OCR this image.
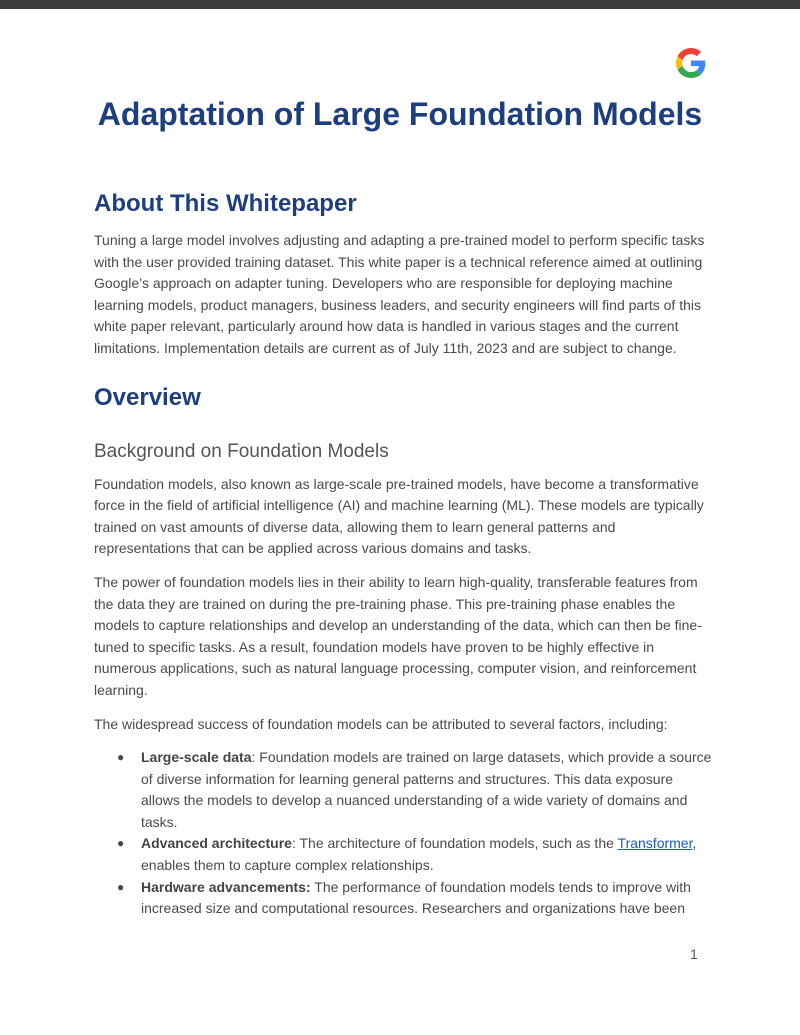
Adaptation of Large Foundation Models
About This Whitepaper

Tuning a large model involves adjusting and adapting a pre-trained model to perform specific tasks with the user provided training dataset. This white paper is a technical reference aimed at outlining Google’s approach on adapter tuning. Developers who are responsible for deploying machine learning models, product managers, business leaders, and security engineers will find parts of this white paper relevant, particularly around how data is handled in various stages and the current limitations. Implementation details are current as of July 11th, 2023 and are subject to change.

Overview
Background on Foundation Models

Foundation models, also known as large-scale pre-trained models, have become a transformative force in the field of artificial intelligence (AI) and machine learning (ML). These models are typically trained on vast amounts of diverse data, allowing them to learn general patterns and representations that can be applied across various domains and tasks.

The power of foundation models lies in their ability to learn high-quality, transferable features from the data they are trained on during the pre-training phase. This pre-training phase enables the models to capture relationships and develop an understanding of the data, which can then be fine-tuned to specific tasks. As a result, foundation models have proven to be highly effective in numerous applications, such as natural language processing, computer vision, and reinforcement learning.

The widespread success of foundation models can be attributed to several factors, including:

● Large-scale data: Foundation models are trained on large datasets, which provide a source of diverse information for learning general patterns and structures. This data exposure allows the models to develop a nuanced understanding of a wide variety of domains and tasks.
● Advanced architecture: The architecture of foundation models, such as the Transformer, enables them to capture complex relationships.
● Hardware advancements: The performance of foundation models tends to improve with increased size and computational resources. Researchers and organizations have been
1
